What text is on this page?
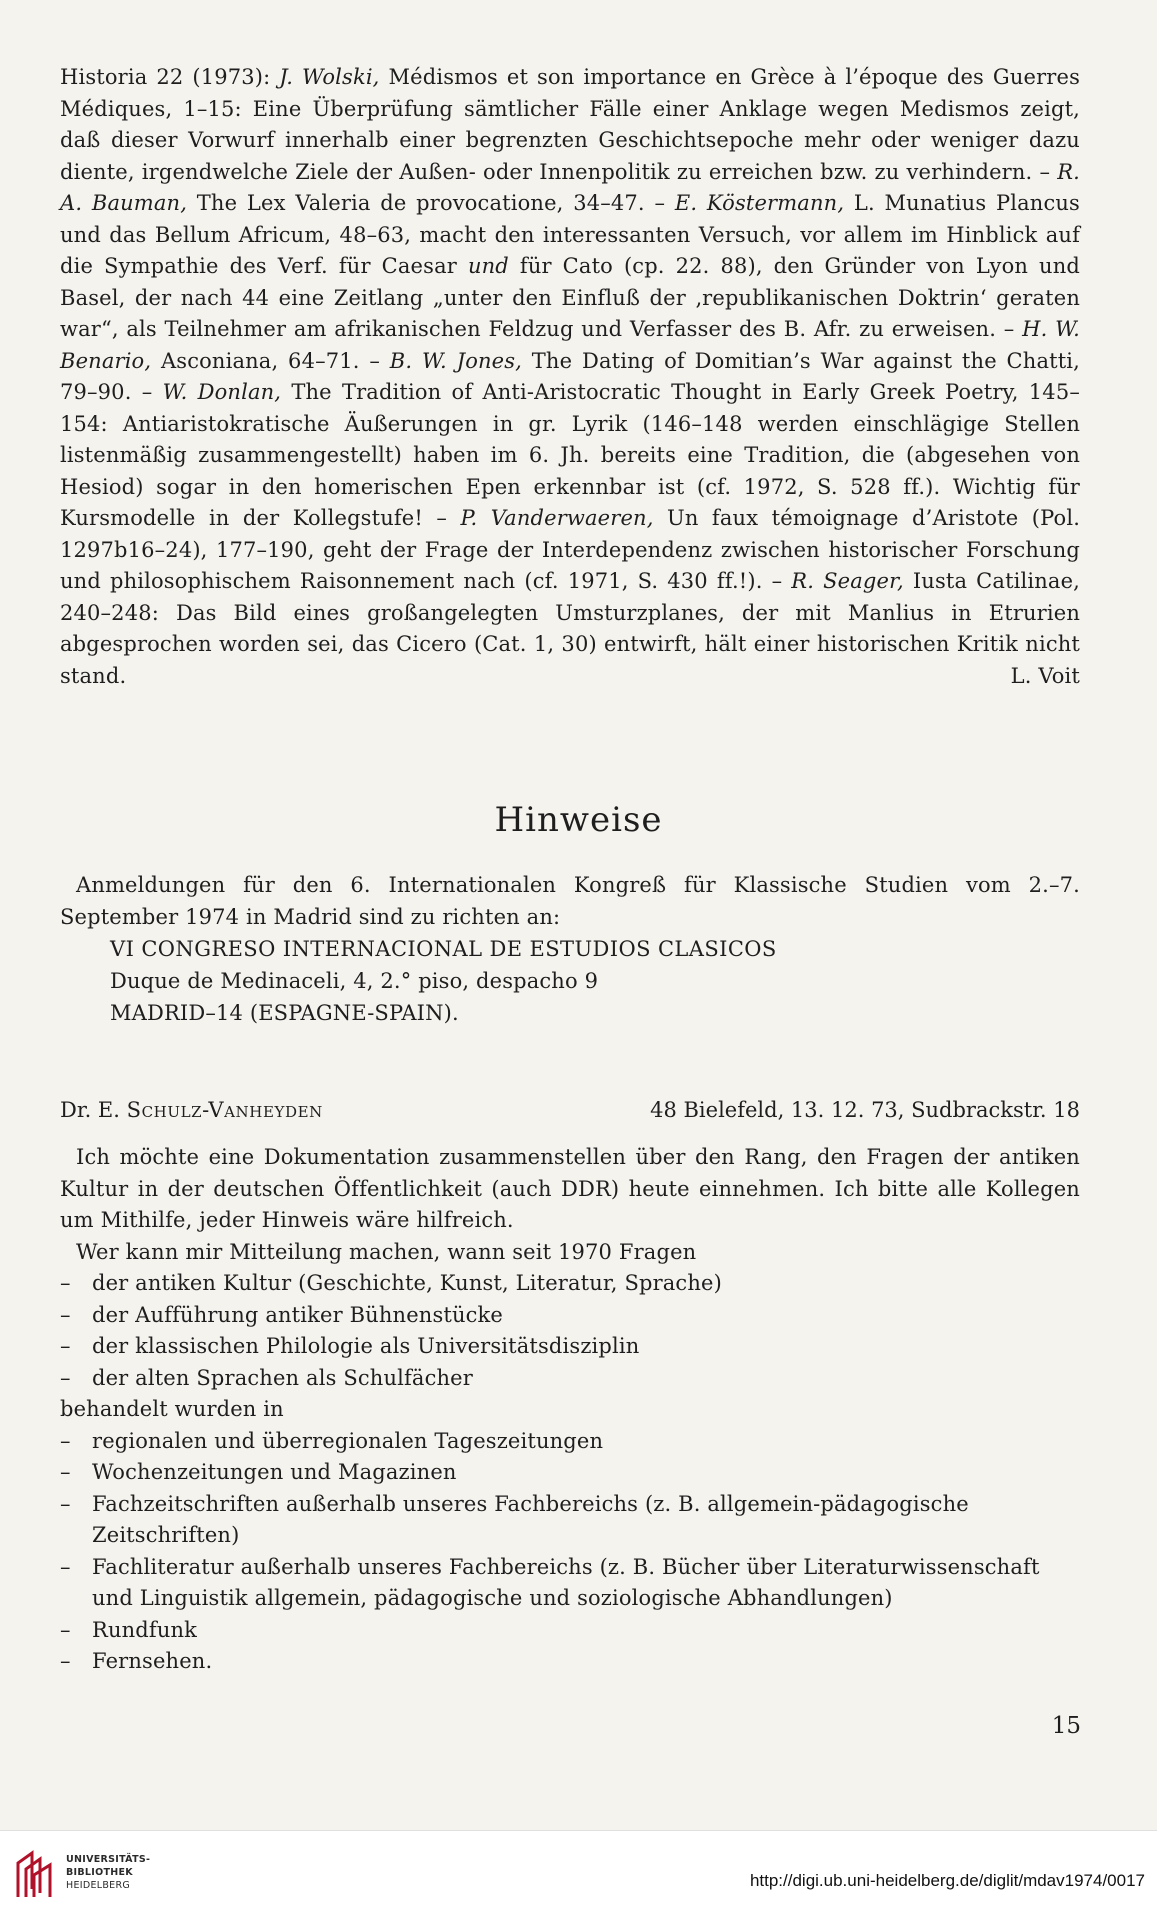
Historia 22 (1973): J. Wolski, Médismos et son importance en Grèce à l’époque des Guerres Médiques, 1–15: Eine Überprüfung sämtlicher Fälle einer Anklage wegen Medismos zeigt, daß dieser Vorwurf innerhalb einer begrenzten Geschichtsepoche mehr oder weniger dazu diente, irgendwelche Ziele der Außen- oder Innenpolitik zu erreichen bzw. zu verhindern. – R. A. Bauman, The Lex Valeria de provocatione, 34–47. – E. Köstermann, L. Munatius Plancus und das Bellum Africum, 48–63, macht den interessanten Versuch, vor allem im Hinblick auf die Sympathie des Verf. für Caesar und für Cato (cp. 22. 88), den Gründer von Lyon und Basel, der nach 44 eine Zeitlang „unter den Einfluß der ‚republikanischen Doktrin‘ geraten war“, als Teilnehmer am afrikanischen Feldzug und Verfasser des B. Afr. zu erweisen. – H. W. Benario, Asconiana, 64–71. – B. W. Jones, The Dating of Domitian’s War against the Chatti, 79–90. – W. Donlan, The Tradition of Anti-Aristocratic Thought in Early Greek Poetry, 145–154: Antiaristokratische Äußerungen in gr. Lyrik (146–148 werden einschlägige Stellen listenmäßig zusammengestellt) haben im 6. Jh. bereits eine Tradition, die (abgesehen von Hesiod) sogar in den homerischen Epen erkennbar ist (cf. 1972, S. 528 ff.). Wichtig für Kursmodelle in der Kollegstufe! – P. Vanderwaeren, Un faux témoignage d’Aristote (Pol. 1297b16–24), 177–190, geht der Frage der Interdependenz zwischen historischer Forschung und philosophischem Raisonnement nach (cf. 1971, S. 430 ff.!). – R. Seager, Iusta Catilinae, 240–248: Das Bild eines großangelegten Umsturzplanes, der mit Manlius in Etrurien abgesprochen worden sei, das Cicero (Cat. 1, 30) entwirft, hält einer historischen Kritik nicht stand.	L. Voit

Hinweise

Anmeldungen für den 6. Internationalen Kongreß für Klassische Studien vom 2.–7. September 1974 in Madrid sind zu richten an:

VI CONGRESO INTERNACIONAL DE ESTUDIOS CLASICOS
Duque de Medinaceli, 4, 2.° piso, despacho 9
MADRID–14 (ESPAGNE-SPAIN).
Dr. E. Schulz-Vanheyden	48 Bielefeld, 13. 12. 73, Sudbrackstr. 18

Ich möchte eine Dokumentation zusammenstellen über den Rang, den Fragen der antiken Kultur in der deutschen Öffentlichkeit (auch DDR) heute einnehmen. Ich bitte alle Kollegen um Mithilfe, jeder Hinweis wäre hilfreich.

Wer kann mir Mitteilung machen, wann seit 1970 Fragen

– der antiken Kultur (Geschichte, Kunst, Literatur, Sprache)
– der Aufführung antiker Bühnenstücke
– der klassischen Philologie als Universitätsdisziplin
– der alten Sprachen als Schulfächer
behandelt wurden in
– regionalen und überregionalen Tageszeitungen
– Wochenzeitungen und Magazinen
– Fachzeitschriften außerhalb unseres Fachbereichs (z. B. allgemein-pädagogische Zeitschriften)
– Fachliteratur außerhalb unseres Fachbereichs (z. B. Bücher über Literaturwissenschaft und Linguistik allgemein, pädagogische und soziologische Abhandlungen)
– Rundfunk
– Fernsehen.
15
UNIVERSITÄTS-
BIBLIOTHEK
HEIDELBERG	http://digi.ub.uni-heidelberg.de/diglit/mdav1974/0017
